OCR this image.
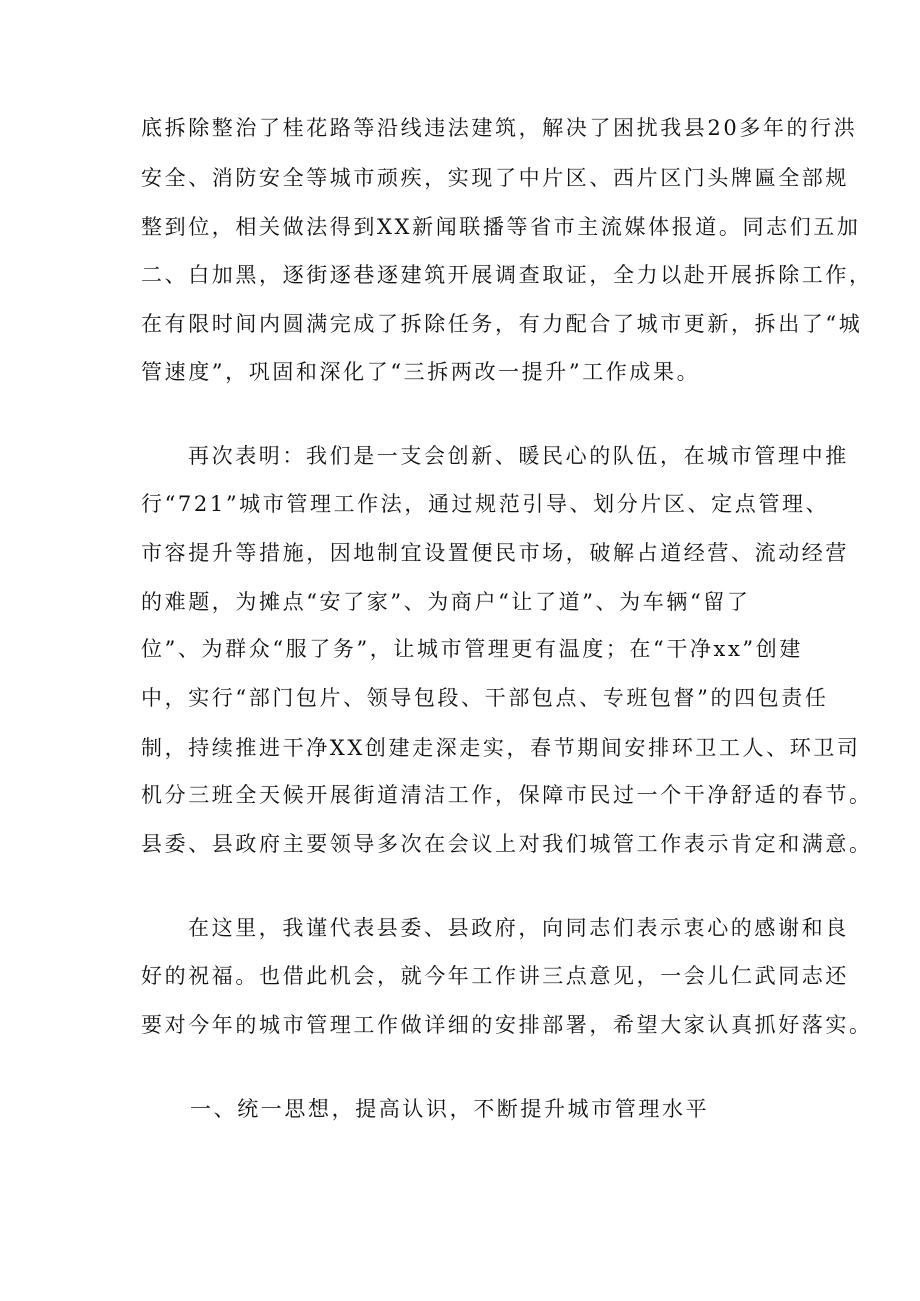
底拆除整治了桂花路等沿线违法建筑，解决了困扰我县20多年的行洪
安全、消防安全等城市顽疾，实现了中片区、西片区门头牌匾全部规
整到位，相关做法得到XX新闻联播等省市主流媒体报道。同志们五加
二、白加黑，逐街逐巷逐建筑开展调查取证，全力以赴开展拆除工作，
在有限时间内圆满完成了拆除任务，有力配合了城市更新，拆出了“城
管速度”，巩固和深化了“三拆两改一提升”工作成果。
再次表明：我们是一支会创新、暖民心的队伍，在城市管理中推
行“721”城市管理工作法，通过规范引导、划分片区、定点管理、
市容提升等措施，因地制宜设置便民市场，破解占道经营、流动经营
的难题，为摊点“安了家”、为商户“让了道”、为车辆“留了
位”、为群众“服了务”，让城市管理更有温度；在“干净xx”创建
中，实行“部门包片、领导包段、干部包点、专班包督”的四包责任
制，持续推进干净XX创建走深走实，春节期间安排环卫工人、环卫司
机分三班全天候开展街道清洁工作，保障市民过一个干净舒适的春节。
县委、县政府主要领导多次在会议上对我们城管工作表示肯定和满意。
在这里，我谨代表县委、县政府，向同志们表示衷心的感谢和良
好的祝福。也借此机会，就今年工作讲三点意见，一会儿仁武同志还
要对今年的城市管理工作做详细的安排部署，希望大家认真抓好落实。
一、统一思想，提高认识，不断提升城市管理水平
